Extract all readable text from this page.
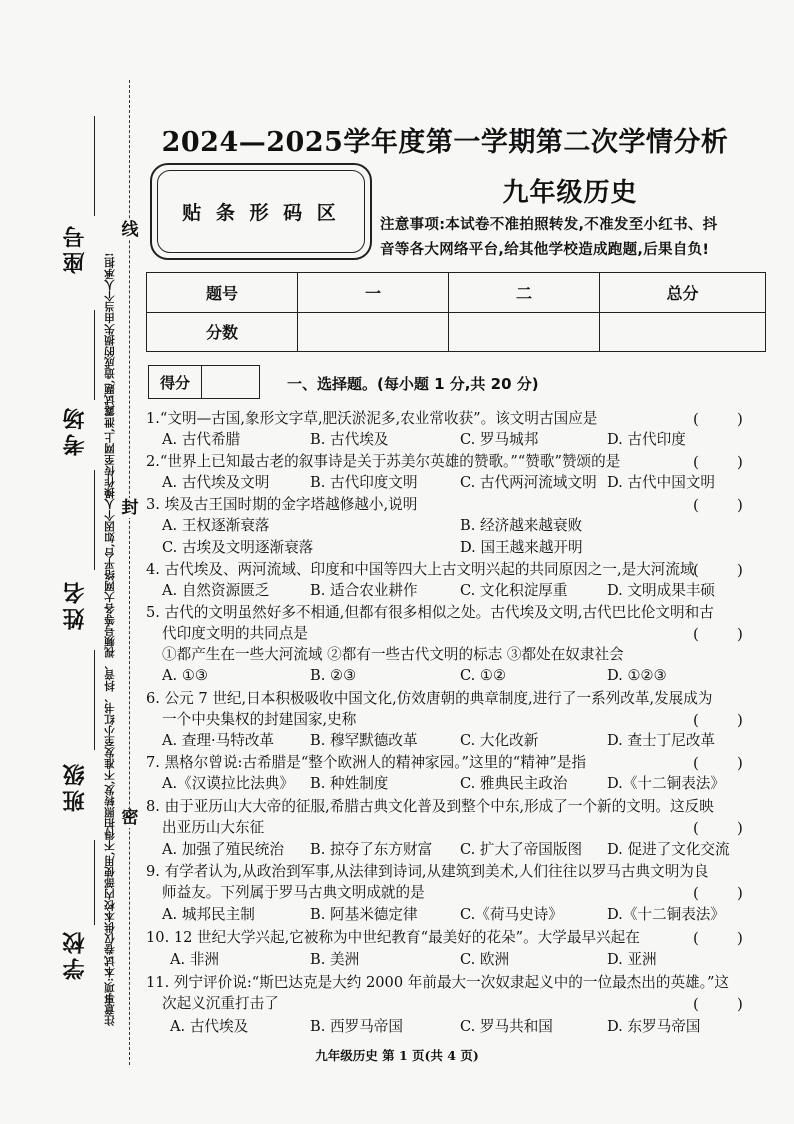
座号
考场
姓名
班级
学校	注意事项:本试卷仅供本校内部使用,不得拍照转发,不准发至小红书、抖音、视频号等各大网络平台,如因个人操作传至网上,泄露试题,造成的损失由当个人承担!
线
封
密
2024—2025学年度第一学期第二次学情分析
贴 条 形 码 区
九年级历史
注意事项:本试卷不准拍照转发,不准发至小红书、抖
音等各大网络平台,给其他学校造成跑题,后果自负!
题号	一	二	总分
分数			
得分	一、选择题。(每小题 1 分,共 20 分)
1.“文明—古国,象形文字草,肥沃淤泥多,农业常收获”。该文明古国应是	(        )
A. 古代希腊	B. 古代埃及	C. 罗马城邦	D. 古代印度
2.“世界上已知最古老的叙事诗是关于苏美尔英雄的赞歌。”“赞歌”赞颂的是	(        )
A. 古代埃及文明	B. 古代印度文明	C. 古代两河流域文明 D. 古代中国文明
3. 埃及古王国时期的金字塔越修越小,说明	(        )
A. 王权逐渐衰落	B. 经济越来越衰败
C. 古埃及文明逐渐衰落	D. 国王越来越开明
4. 古代埃及、两河流域、印度和中国等四大上古文明兴起的共同原因之一,是大河流域
(        )
A. 自然资源匮乏	B. 适合农业耕作	C. 文化积淀厚重	D. 文明成果丰硕
5. 古代的文明虽然好多不相通,但都有很多相似之处。古代埃及文明,古代巴比伦文明和古
代印度文明的共同点是	(        )
①都产生在一些大河流域 ②都有一些古代文明的标志 ③都处在奴隶社会
A. ①③	B. ②③	C. ①②	D. ①②③
6. 公元 7 世纪,日本积极吸收中国文化,仿效唐朝的典章制度,进行了一系列改革,发展成为
一个中央集权的封建国家,史称	(        )
A. 查理·马特改革 B. 穆罕默德改革	C. 大化改新	D. 查士丁尼改革
7. 黑格尔曾说:古希腊是“整个欧洲人的精神家园。”这里的“精神”是指	(        )
A.《汉谟拉比法典》 B. 种姓制度	C. 雅典民主政治	D.《十二铜表法》
8. 由于亚历山大大帝的征服,希腊古典文化普及到整个中东,形成了一个新的文明。这反映
出亚历山大东征	(        )
A. 加强了殖民统治 B. 掠夺了东方财富 C. 扩大了帝国版图 D. 促进了文化交流
9. 有学者认为,从政治到军事,从法律到诗词,从建筑到美术,人们往往以罗马古典文明为良
师益友。下列属于罗马古典文明成就的是	(        )
A. 城邦民主制	B. 阿基米德定律	C.《荷马史诗》	D.《十二铜表法》
10. 12 世纪大学兴起,它被称为中世纪教育“最美好的花朵”。大学最早兴起在	(        )
A. 非洲	B. 美洲	C. 欧洲	D. 亚洲
11. 列宁评价说:“斯巴达克是大约 2000 年前最大一次奴隶起义中的一位最杰出的英雄。”这
次起义沉重打击了	(        )
A. 古代埃及	B. 西罗马帝国	C. 罗马共和国	D. 东罗马帝国
九年级历史 第 1 页(共 4 页)
